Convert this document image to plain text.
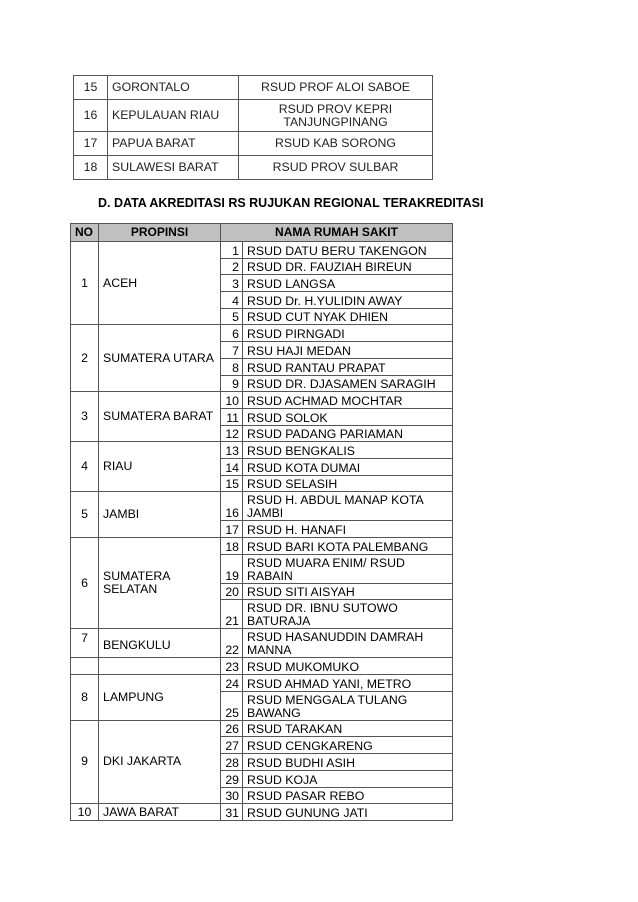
15	GORONTALO	RSUD PROF ALOI SABOE
16	KEPULAUAN RIAU	RSUD PROV KEPRI TANJUNGPINANG
17	PAPUA BARAT	RSUD KAB SORONG
18	SULAWESI BARAT	RSUD PROV SULBAR
D. DATA AKREDITASI RS RUJUKAN REGIONAL TERAKREDITASI
NO	PROPINSI	NAMA RUMAH SAKIT	
1	ACEH	1	RSUD DATU BERU TAKENGON
		2	RSUD DR. FAUZIAH BIREUN
		3	RSUD LANGSA
		4	RSUD Dr. H.YULIDIN AWAY
		5	RSUD CUT NYAK DHIEN
2	SUMATERA UTARA	6	RSUD PIRNGADI
		7	RSU HAJI MEDAN
		8	RSUD RANTAU PRAPAT
		9	RSUD DR. DJASAMEN SARAGIH
3	SUMATERA BARAT	10	RSUD ACHMAD MOCHTAR
		11	RSUD SOLOK
		12	RSUD PADANG PARIAMAN
4	RIAU	13	RSUD BENGKALIS
		14	RSUD KOTA DUMAI
		15	RSUD SELASIH
5	JAMBI	16	RSUD H. ABDUL MANAP KOTA JAMBI
		17	RSUD H. HANAFI
6	SUMATERA SELATAN	18	RSUD BARI KOTA PALEMBANG
		19	RSUD MUARA ENIM/ RSUD RABAIN
		20	RSUD SITI AISYAH
		21	RSUD DR. IBNU SUTOWO BATURAJA
7	BENGKULU	22	RSUD HASANUDDIN DAMRAH MANNA
		23	RSUD MUKOMUKO
8	LAMPUNG	24	RSUD AHMAD YANI, METRO
		25	RSUD MENGGALA TULANG BAWANG
9	DKI JAKARTA	26	RSUD TARAKAN
		27	RSUD CENGKARENG
		28	RSUD BUDHI ASIH
		29	RSUD KOJA
		30	RSUD PASAR REBO
10	JAWA BARAT	31	RSUD GUNUNG JATI
